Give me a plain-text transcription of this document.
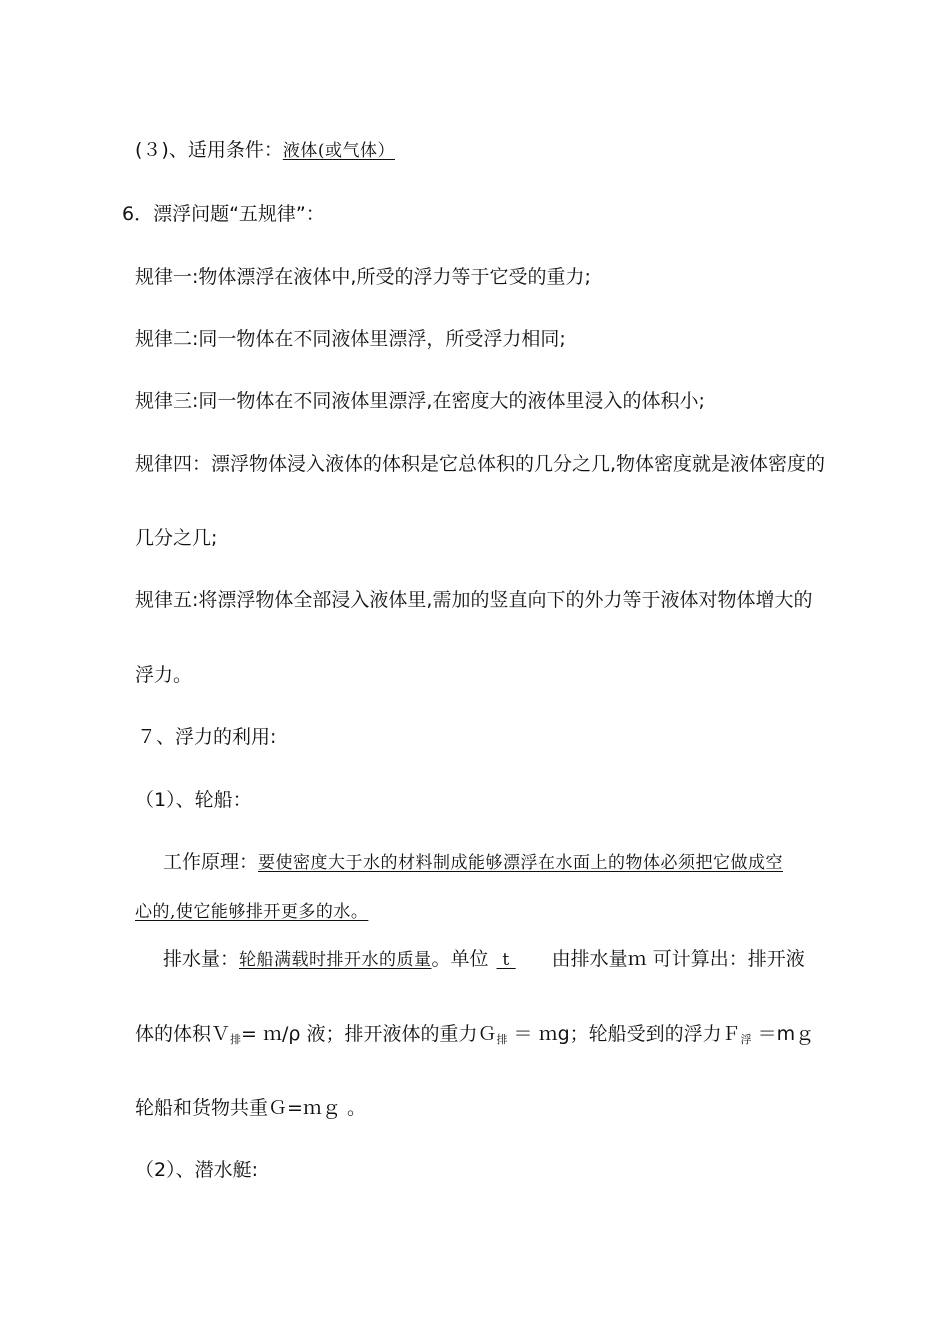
(３)、适用条件：液体(或气体）
6．漂浮问题“五规律”：
规律一:物体漂浮在液体中,所受的浮力等于它受的重力;
规律二:同一物体在不同液体里漂浮，所受浮力相同;
规律三:同一物体在不同液体里漂浮,在密度大的液体里浸入的体积小;
规律四：漂浮物体浸入液体的体积是它总体积的几分之几,物体密度就是液体密度的
几分之几;
规律五:将漂浮物体全部浸入液体里,需加的竖直向下的外力等于液体对物体增大的
浮力。
７、浮力的利用:
（1）、轮船：
工作原理：要使密度大于水的材料制成能够漂浮在水面上的物体必须把它做成空
心的,使它能够排开更多的水。
排水量：轮船满载时排开水的质量。单位 t 由排水量ｍ 可计算出：排开液
体的体积Ｖ$_排$= ｍ/ρ 液；排开液体的重力Ｇ$_排$ ＝ ｍg；轮船受到的浮力Ｆ$_浮$ ＝mｇ
轮船和货物共重Ｇ=ｍｇ 。
（2）、潜水艇:
